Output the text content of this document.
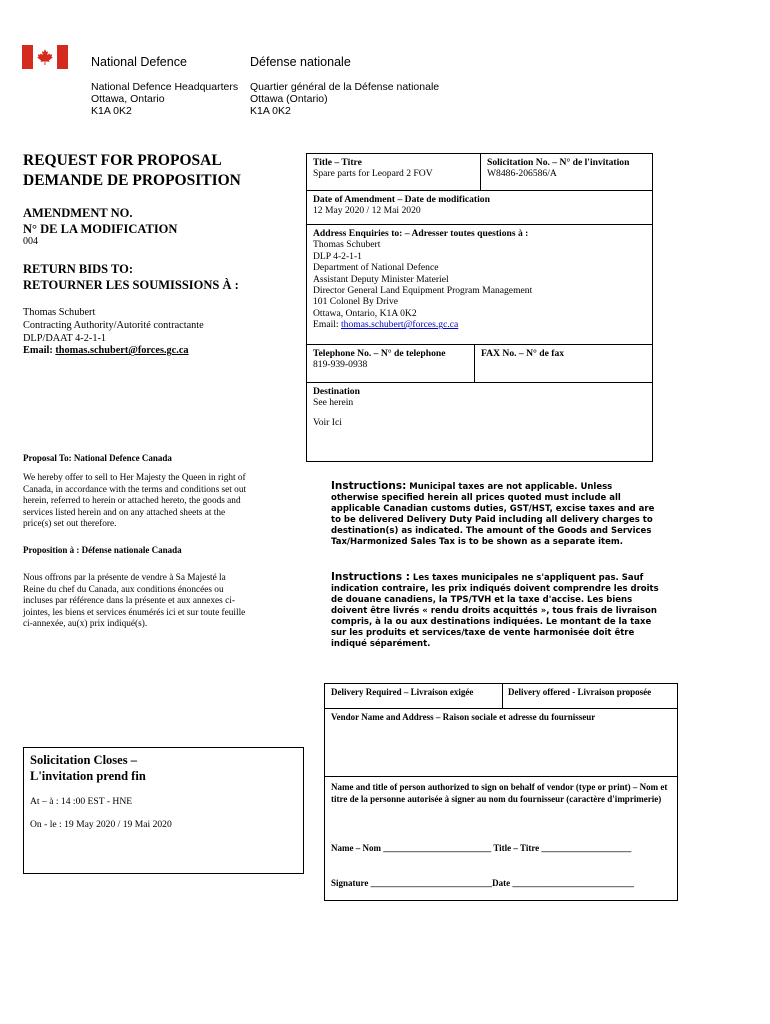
National Defence	Défense nationale
National Defence Headquarters
Ottawa, Ontario
K1A 0K2
Quartier général de la Défense nationale
Ottawa (Ontario)
K1A 0K2
REQUEST FOR PROPOSAL
DEMANDE DE PROPOSITION
AMENDMENT NO.
N° DE LA MODIFICATION
004
RETURN BIDS TO:
RETOURNER LES SOUMISSIONS À :
Thomas Schubert
Contracting Authority/Autorité contractante
DLP/DAAT 4-2-1-1
Email: thomas.schubert@forces.gc.ca
Proposal To: National Defence Canada
We hereby offer to sell to Her Majesty the Queen in right of Canada, in accordance with the terms and conditions set out herein, referred to herein or attached hereto, the goods and services listed herein and on any attached sheets at the price(s) set out therefore.
Proposition à : Défense nationale Canada
Nous offrons par la présente de vendre à Sa Majesté la Reine du chef du Canada, aux conditions énoncées ou incluses par référence dans la présente et aux annexes ci-jointes, les biens et services énumérés ici et sur toute feuille ci-annexée, au(x) prix indiqué(s).
Title – Titre
Spare parts for Leopard 2 FOV
Solicitation No. – N° de l'invitation
W8486-206586/A
Date of Amendment – Date de modification
12 May 2020 / 12 Mai 2020
Address Enquiries to: – Adresser toutes questions à :
Thomas Schubert
DLP 4-2-1-1
Department of National Defence
Assistant Deputy Minister Materiel
Director General Land Equipment Program Management
101 Colonel By Drive
Ottawa, Ontario, K1A 0K2
Email: thomas.schubert@forces.gc.ca
Telephone No. – N° de telephone
819-939-0938
FAX No. – N° de fax
Destination
See herein
Voir Ici
Instructions: Municipal taxes are not applicable. Unless otherwise specified herein all prices quoted must include all applicable Canadian customs duties, GST/HST, excise taxes and are to be delivered Delivery Duty Paid including all delivery charges to destination(s) as indicated. The amount of the Goods and Services Tax/Harmonized Sales Tax is to be shown as a separate item.
Instructions : Les taxes municipales ne s'appliquent pas. Sauf indication contraire, les prix indiqués doivent comprendre les droits de douane canadiens, la TPS/TVH et la taxe d'accise. Les biens doivent être livrés « rendu droits acquittés », tous frais de livraison compris, à la ou aux destinations indiquées. Le montant de la taxe sur les produits et services/taxe de vente harmonisée doit être indiqué séparément.
Delivery Required – Livraison exigée	Delivery offered - Livraison proposée
Vendor Name and Address – Raison sociale et adresse du fournisseur
Name and title of person authorized to sign on behalf of vendor (type or print) – Nom et titre de la personne autorisée à signer au nom du fournisseur (caractère d'imprimerie)
Name – Nom ________________________ Title – Titre ____________________
Signature ___________________________Date ___________________________
Solicitation Closes –
L'invitation prend fin
At – à : 14 :00 EST - HNE
On - le : 19 May 2020 / 19 Mai 2020
